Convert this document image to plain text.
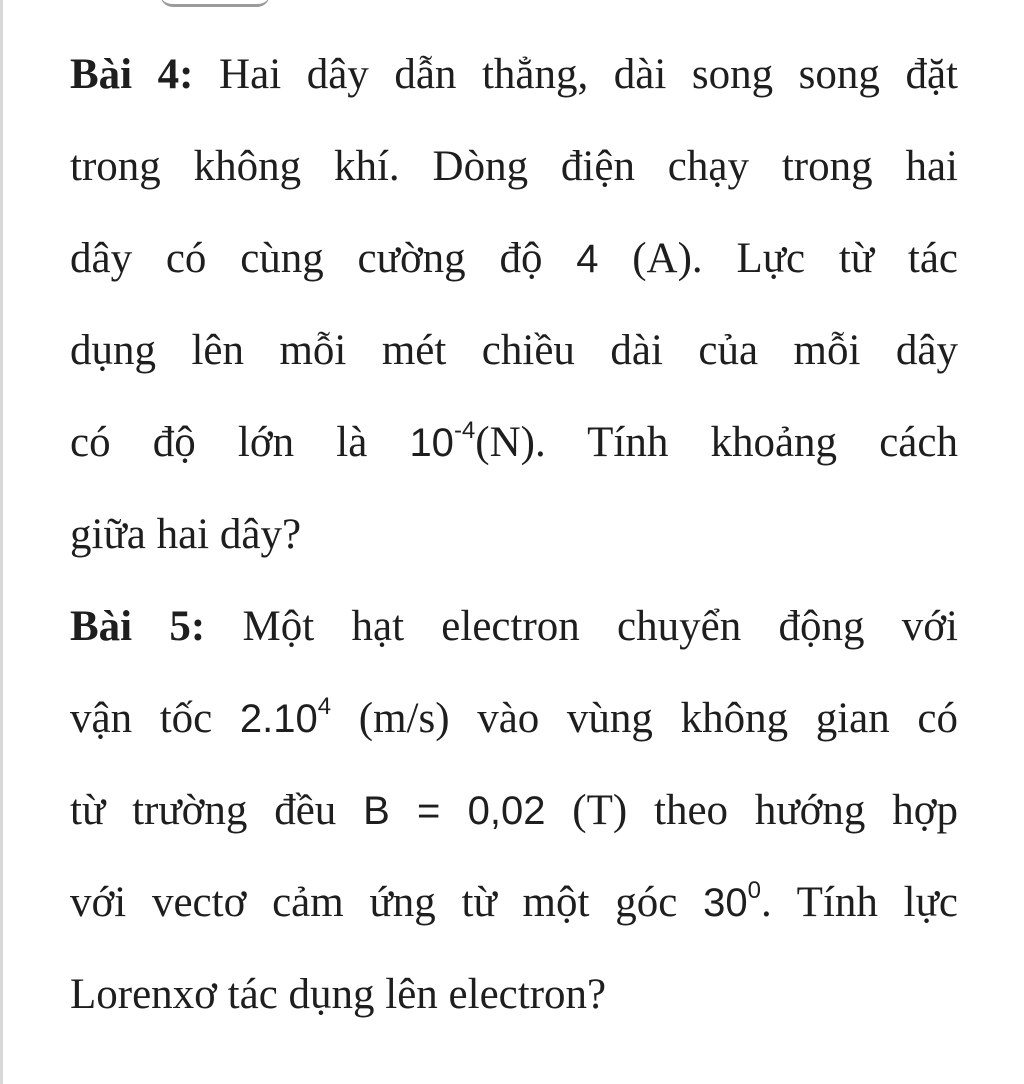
Bài 4: Hai dây dẫn thẳng, dài song song đặt
trong không khí. Dòng điện chạy trong hai
dây có cùng cường độ 4 (A). Lực từ tác
dụng lên mỗi mét chiều dài của mỗi dây
có độ lớn là $10^{-4}(N)$. Tính khoảng cách
giữa hai dây?
Bài 5: Một hạt electron chuyển động với
vận tốc 2.10$^4$ (m/s) vào vùng không gian có
từ trường đều B = 0,02 (T) theo hướng hợp
với vectơ cảm ứng từ một góc $30^0$. Tính lực
Lorenxơ tác dụng lên electron?
